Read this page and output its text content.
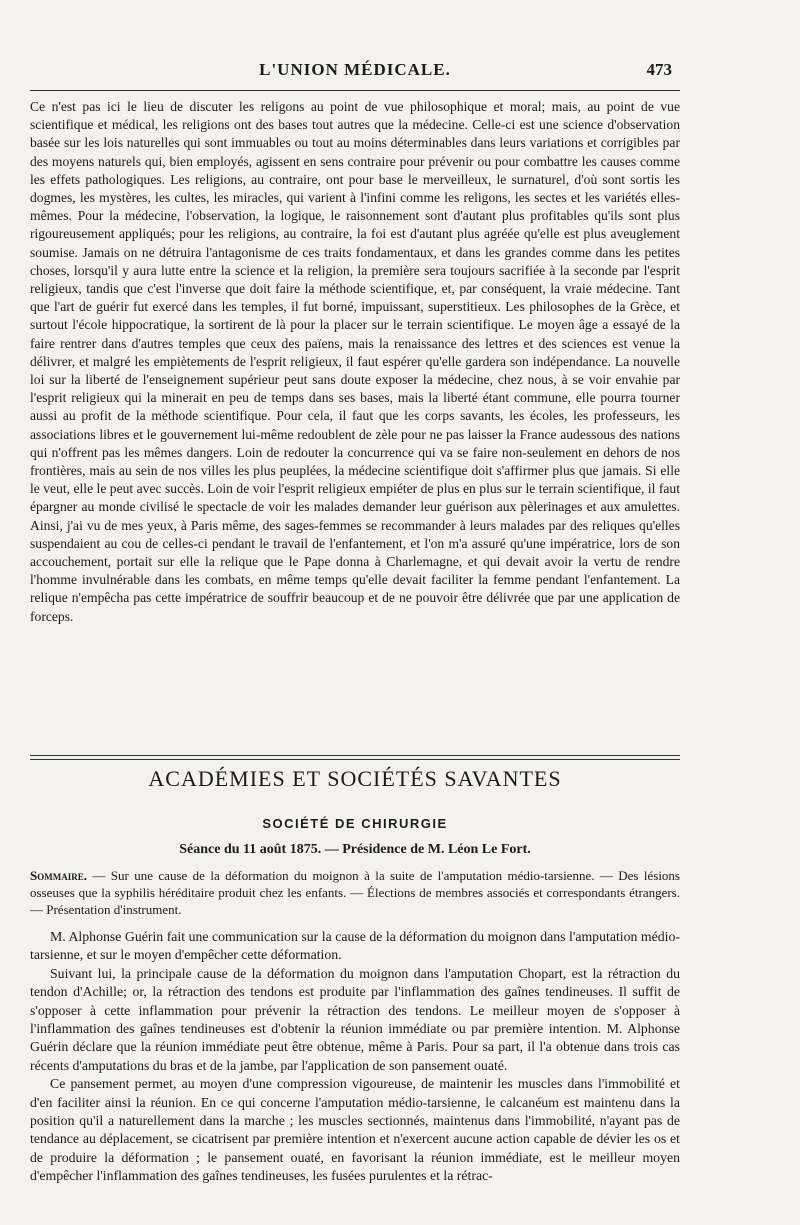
L'UNION MÉDICALE.	473

Ce n'est pas ici le lieu de discuter les religons au point de vue philosophique et moral; mais, au point de vue scientifique et médical, les religions ont des bases tout autres que la médecine. Celle-ci est une science d'observation basée sur les lois naturelles qui sont immuables ou tout au moins déterminables dans leurs variations et corrigibles par des moyens naturels qui, bien employés, agissent en sens contraire pour prévenir ou pour combattre les causes comme les effets pathologiques. Les religions, au contraire, ont pour base le merveilleux, le surnaturel, d'où sont sortis les dogmes, les mystères, les cultes, les miracles, qui varient à l'infini comme les religons, les sectes et les variétés elles-mêmes. Pour la médecine, l'observation, la logique, le raisonnement sont d'autant plus profitables qu'ils sont plus rigoureusement appliqués; pour les religions, au contraire, la foi est d'autant plus agréée qu'elle est plus aveuglement soumise. Jamais on ne détruira l'antagonisme de ces traits fondamentaux, et dans les grandes comme dans les petites choses, lorsqu'il y aura lutte entre la science et la religion, la première sera toujours sacrifiée à la seconde par l'esprit religieux, tandis que c'est l'inverse que doit faire la méthode scientifique, et, par conséquent, la vraie médecine. Tant que l'art de guérir fut exercé dans les temples, il fut borné, impuissant, superstitieux. Les philosophes de la Grèce, et surtout l'école hippocratique, la sortirent de là pour la placer sur le terrain scientifique. Le moyen âge a essayé de la faire rentrer dans d'autres temples que ceux des païens, mais la renaissance des lettres et des sciences est venue la délivrer, et malgré les empiètements de l'esprit religieux, il faut espérer qu'elle gardera son indépendance. La nouvelle loi sur la liberté de l'enseignement supérieur peut sans doute exposer la médecine, chez nous, à se voir envahie par l'esprit religieux qui la minerait en peu de temps dans ses bases, mais la liberté étant commune, elle pourra tourner aussi au profit de la méthode scientifique. Pour cela, il faut que les corps savants, les écoles, les professeurs, les associations libres et le gouvernement lui-même redoublent de zèle pour ne pas laisser la France audessous des nations qui n'offrent pas les mêmes dangers. Loin de redouter la concurrence qui va se faire non-seulement en dehors de nos frontières, mais au sein de nos villes les plus peuplées, la médecine scientifique doit s'affirmer plus que jamais. Si elle le veut, elle le peut avec succès. Loin de voir l'esprit religieux empiéter de plus en plus sur le terrain scientifique, il faut épargner au monde civilisé le spectacle de voir les malades demander leur guérison aux pèlerinages et aux amulettes. Ainsi, j'ai vu de mes yeux, à Paris même, des sages-femmes se recommander à leurs malades par des reliques qu'elles suspendaient au cou de celles-ci pendant le travail de l'enfantement, et l'on m'a assuré qu'une impératrice, lors de son accouchement, portait sur elle la relique que le Pape donna à Charlemagne, et qui devait avoir la vertu de rendre l'homme invulnérable dans les combats, en même temps qu'elle devait faciliter la femme pendant l'enfantement. La relique n'empêcha pas cette impératrice de souffrir beaucoup et de ne pouvoir être délivrée que par une application de forceps.

ACADÉMIES ET SOCIÉTÉS SAVANTES
SOCIÉTÉ DE CHIRURGIE
Séance du 11 août 1875. — Présidence de M. Léon Le Fort.
Sommaire. — Sur une cause de la déformation du moignon à la suite de l'amputation médio-tarsienne. — Des lésions osseuses que la syphilis héréditaire produit chez les enfants. — Élections de membres associés et correspondants étrangers. — Présentation d'instrument.

M. Alphonse Guérin fait une communication sur la cause de la déformation du moignon dans l'amputation médio-tarsienne, et sur le moyen d'empêcher cette déformation.

Suivant lui, la principale cause de la déformation du moignon dans l'amputation Chopart, est la rétraction du tendon d'Achille; or, la rétraction des tendons est produite par l'inflammation des gaînes tendineuses. Il suffit de s'opposer à cette inflammation pour prévenir la rétraction des tendons. Le meilleur moyen de s'opposer à l'inflammation des gaînes tendineuses est d'obtenir la réunion immédiate ou par première intention. M. Alphonse Guérin déclare que la réunion immédiate peut être obtenue, même à Paris. Pour sa part, il l'a obtenue dans trois cas récents d'amputations du bras et de la jambe, par l'application de son pansement ouaté.

Ce pansement permet, au moyen d'une compression vigoureuse, de maintenir les muscles dans l'immobilité et d'en faciliter ainsi la réunion. En ce qui concerne l'amputation médio-tarsienne, le calcanéum est maintenu dans la position qu'il a naturellement dans la marche ; les muscles sectionnés, maintenus dans l'immobilité, n'ayant pas de tendance au déplacement, se cicatrisent par première intention et n'exercent aucune action capable de dévier les os et de produire la déformation ; le pansement ouaté, en favorisant la réunion immédiate, est le meilleur moyen d'empêcher l'inflammation des gaînes tendineuses, les fusées purulentes et la rétrac-
